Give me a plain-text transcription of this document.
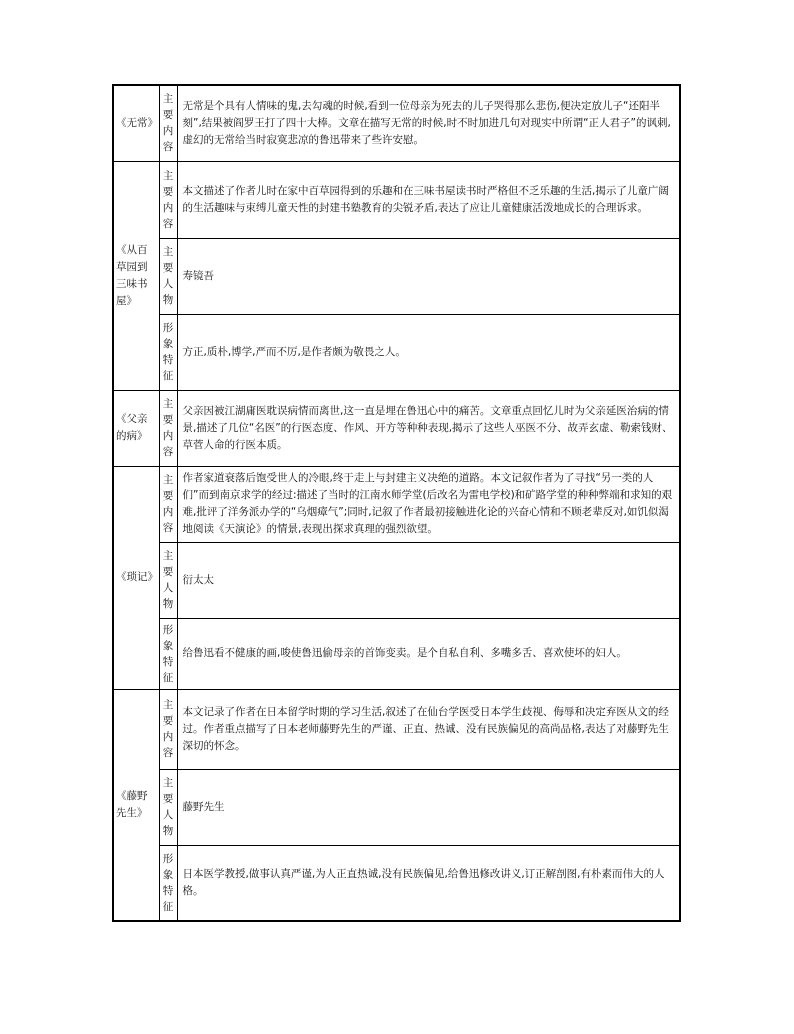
《无常》	主要内容	无常是个具有人情味的鬼,去勾魂的时候,看到一位母亲为死去的儿子哭得那么悲伤,便决定放儿子“还阳半刻”,结果被阎罗王打了四十大棒。文章在描写无常的时候,时不时加进几句对现实中所谓“正人君子”的讽刺,虚幻的无常给当时寂寞悲凉的鲁迅带来了些许安慰。
《从百草园到三味书屋》	主要内容	本文描述了作者儿时在家中百草园得到的乐趣和在三味书屋读书时严格但不乏乐趣的生活,揭示了儿童广阔的生活趣味与束缚儿童天性的封建书塾教育的尖锐矛盾,表达了应让儿童健康活泼地成长的合理诉求。

	主要人物	寿镜吾

	形象特征	方正,质朴,博学,严而不厉,是作者颇为敬畏之人。
《父亲的病》	主要内容	父亲因被江湖庸医耽误病情而离世,这一直是埋在鲁迅心中的痛苦。文章重点回忆儿时为父亲延医治病的情景,描述了几位“名医”的行医态度、作风、开方等种种表现,揭示了这些人巫医不分、故弄玄虚、勒索钱财、草菅人命的行医本质。
《琐记》	主要内容	作者家道衰落后饱受世人的冷眼,终于走上与封建主义决绝的道路。本文记叙作者为了寻找“另一类的人们”而到南京求学的经过:描述了当时的江南水师学堂(后改名为雷电学校)和矿路学堂的种种弊端和求知的艰难,批评了洋务派办学的“乌烟瘴气”;同时,记叙了作者最初接触进化论的兴奋心情和不顾老辈反对,如饥似渴地阅读《天演论》的情景,表现出探求真理的强烈欲望。

	主要人物	衍太太

	形象特征	给鲁迅看不健康的画,唆使鲁迅偷母亲的首饰变卖。是个自私自利、多嘴多舌、喜欢使坏的妇人。
《藤野先生》	主要内容	本文记录了作者在日本留学时期的学习生活,叙述了在仙台学医受日本学生歧视、侮辱和决定弃医从文的经过。作者重点描写了日本老师藤野先生的严谨、正直、热诚、没有民族偏见的高尚品格,表达了对藤野先生深切的怀念。

	主要人物	藤野先生

	形象特征	日本医学教授,做事认真严谨,为人正直热诚,没有民族偏见,给鲁迅修改讲义,订正解剖图,有朴素而伟大的人格。
